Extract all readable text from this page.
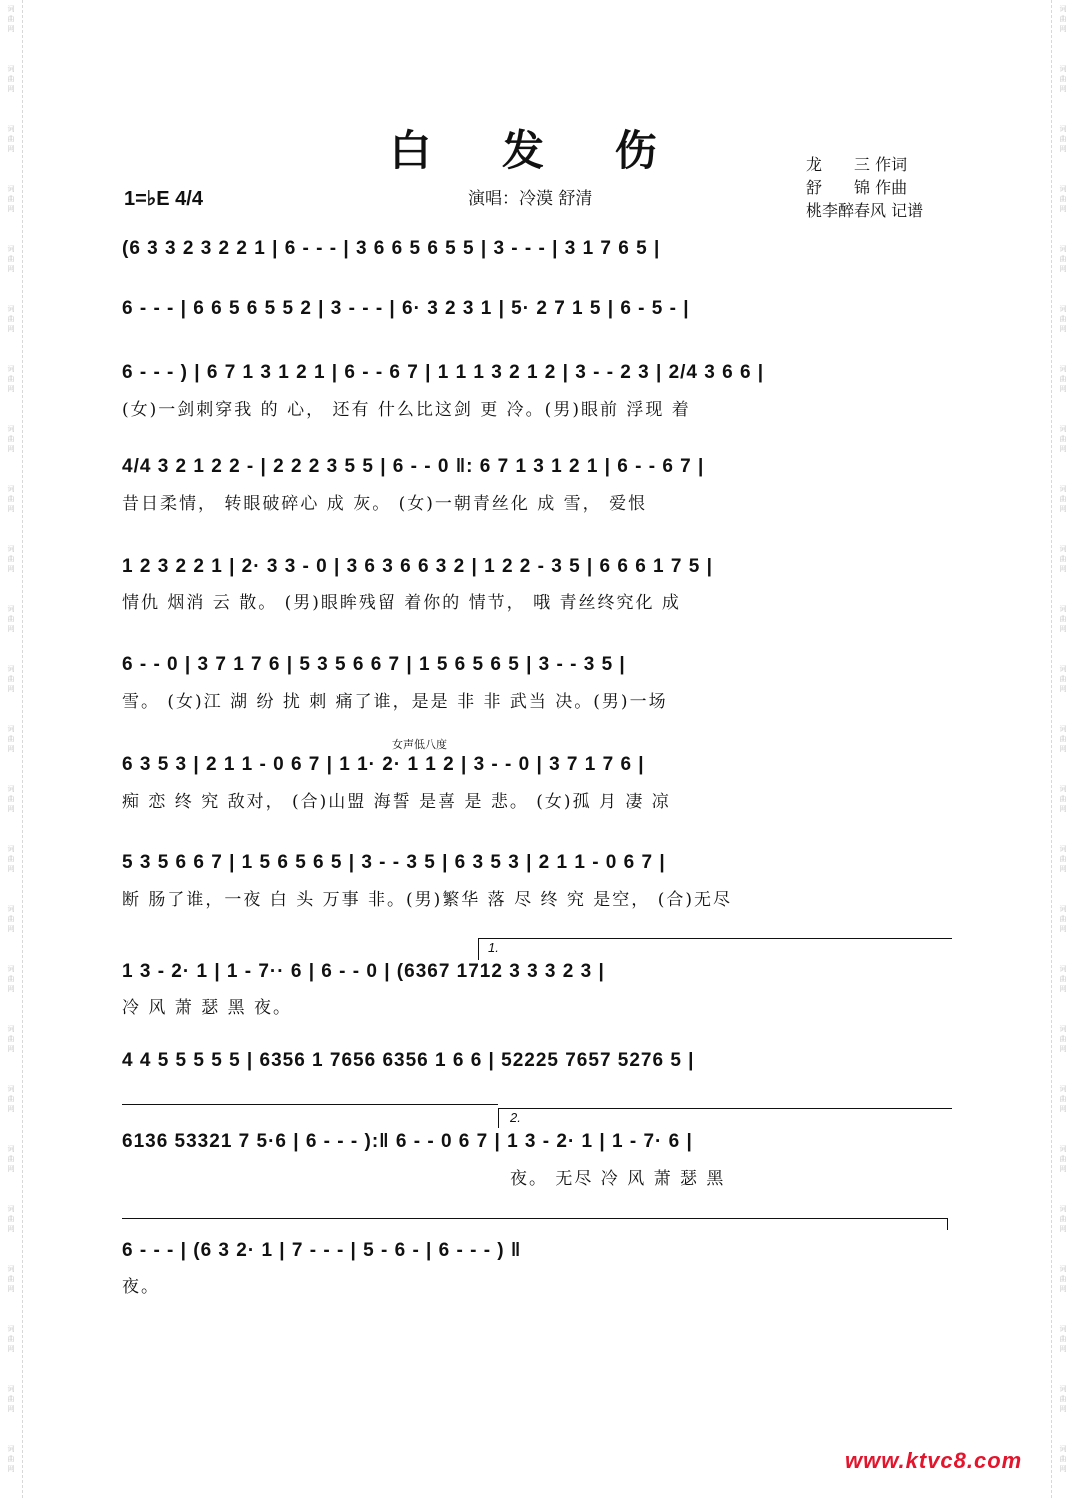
词
曲
网
词
曲
网
词
曲
网
词
曲
网
词
曲
网
词
曲
网
词
曲
网
词
曲
网
词
曲
网
词
曲
网
词
曲
网
词
曲
网
词
曲
网
词
曲
网
词
曲
网
词
曲
网
词
曲
网
词
曲
网
词
曲
网
词
曲
网
词
曲
网
词
曲
网
词
曲
网
词
曲
网
词
曲
网
词
曲
网
词
曲
网
词
曲
网
词
曲
网
词
曲
网
词
曲
网
词
曲
网
词
曲
网
词
曲
网
词
曲
网
词
曲
网
词
曲
网
词
曲
网
词
曲
网
词
曲
网
词
曲
网
词
曲
网
词
曲
网
词
曲
网
词
曲
网
词
曲
网
词
曲
网
词
曲
网
词
曲
网
词
曲
网
白 发 伤
1=♭E 4/4	演唱：冷漠 舒清
龙　　三 作词
舒　　锦 作曲
桃李醉春风 记谱
(6 3 3 2 3 2 2 1 | 6 - - - | 3 6 6 5 6 5 5 | 3 - - - | 3 1 7 6 5 |
6 - - - | 6 6 5 6 5 5 2 | 3 - - - | 6· 3 2 3 1 | 5· 2 7 1 5 | 6 - 5 - |
6 - - - ) | 6 7 1 3 1 2 1 | 6 - - 6 7 | 1 1 1 3 2 1 2 | 3 - - 2 3 | 2/4 3 6 6 |
(女)一剑刺穿我 的 心， 还有 什么比这剑 更 冷。(男)眼前 浮现 着
4/4 3 2 1 2 2 - | 2 2 2 3 5 5 | 6 - - 0 ‖: 6 7 1 3 1 2 1 | 6 - - 6 7 |
昔日柔情， 转眼破碎心 成 灰。 (女)一朝青丝化 成 雪， 爱恨
1 2 3 2 2 1 | 2· 3 3 - 0 | 3 6 3 6 6 3 2 | 1 2 2 - 3 5 | 6 6 6 1 7 5 |
情仇 烟消 云 散。 (男)眼眸残留 着你的 情节， 哦 青丝终究化 成
6 - - 0 | 3 7 1 7 6 | 5 3 5 6 6 7 | 1 5 6 5 6 5 | 3 - - 3 5 |
雪。 (女)江 湖 纷 扰 刺 痛了谁，是是 非 非 武当 决。(男)一场
女声低八度
6 3 5 3 | 2 1 1 - 0 6 7 | 1 1· 2· 1 1 2 | 3 - - 0 | 3 7 1 7 6 |
痴 恋 终 究 敌对， (合)山盟 海誓 是喜 是 悲。 (女)孤 月 凄 凉
5 3 5 6 6 7 | 1 5 6 5 6 5 | 3 - - 3 5 | 6 3 5 3 | 2 1 1 - 0 6 7 |
断 肠了谁，一夜 白 头 万事 非。(男)繁华 落 尽 终 究 是空， (合)无尽
1.
1 3 - 2· 1 | 1 - 7·· 6 | 6 - - 0 | (6367 1712 3 3 3 2 3 |
冷 风 萧 瑟 黑 夜。
4 4 5 5 5 5 5 | 6356 1 7656 6356 1 6 6 | 52225 7657 5276 5 |
2.
6136 53321 7 5·6 | 6 - - - ):‖ 6 - - 0 6 7 | 1 3 - 2· 1 | 1 - 7· 6 |
夜。 无尽 冷 风 萧 瑟 黑
6 - - - | (6 3 2· 1 | 7 - - - | 5 - 6 - | 6 - - - ) ‖
夜。
www.ktvc8.com
